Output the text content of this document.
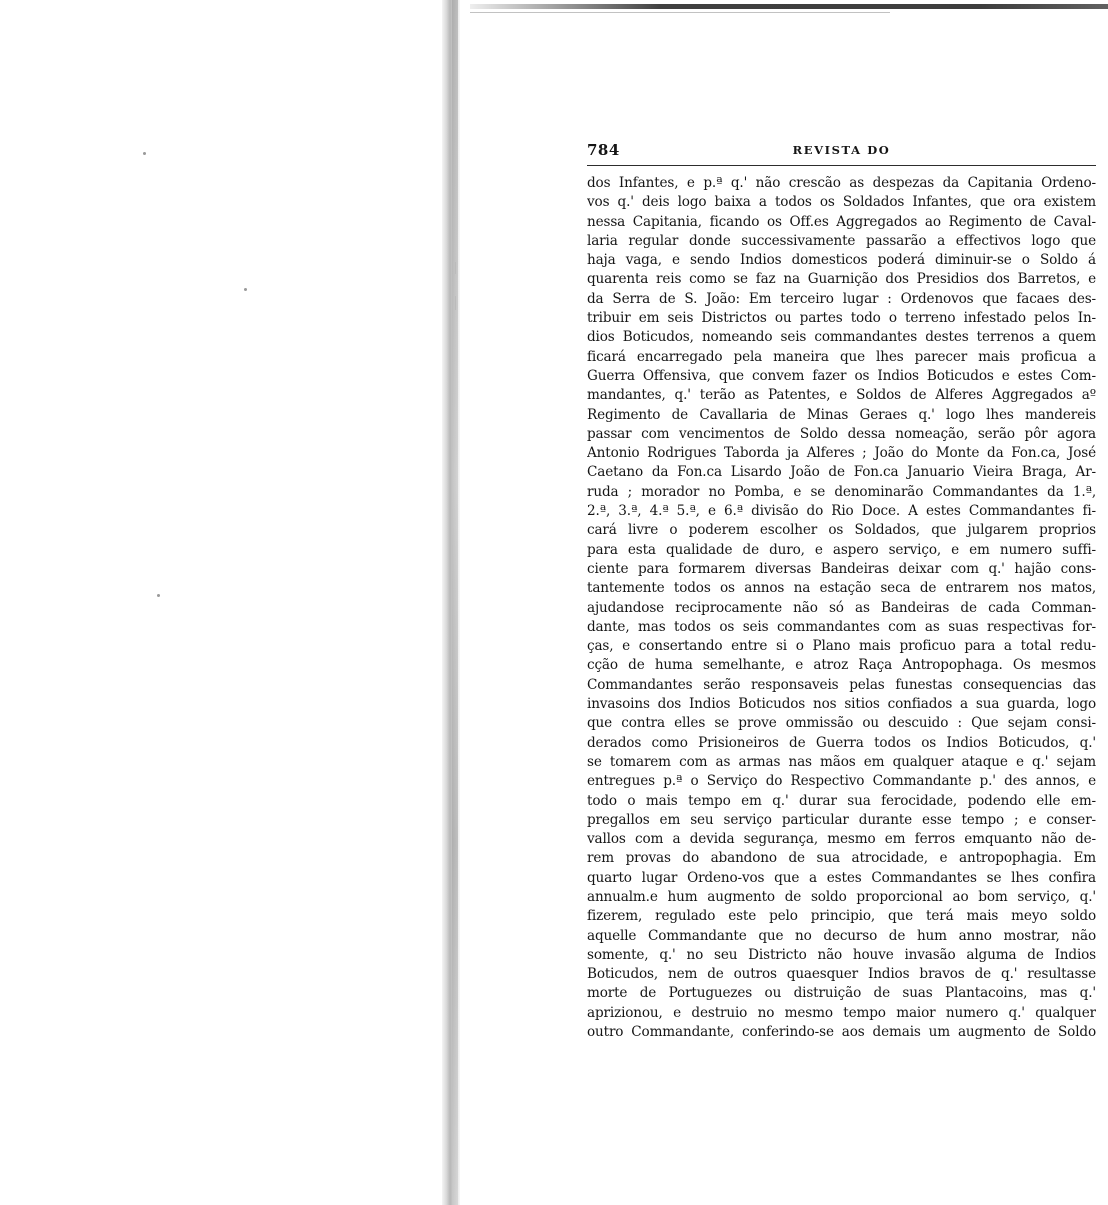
784	REVISTA DO
dos Infantes, e p.ª q.' não crescão as despezas da Capitania Ordeno-
vos q.' deis logo baixa a todos os Soldados Infantes, que ora existem
nessa Capitania, ficando os Off.es Aggregados ao Regimento de Caval-
laria regular donde successivamente passarão a effectivos logo que
haja vaga, e sendo Indios domesticos poderá diminuir-se o Soldo á
quarenta reis como se faz na Guarnição dos Presidios dos Barretos, e
da Serra de S. João: Em terceiro lugar : Ordenovos que facaes des-
tribuir em seis Districtos ou partes todo o terreno infestado pelos In-
dios Boticudos, nomeando seis commandantes destes terrenos a quem
ficará encarregado pela maneira que lhes parecer mais proficua a
Guerra Offensiva, que convem fazer os Indios Boticudos e estes Com-
mandantes, q.' terão as Patentes, e Soldos de Alferes Aggregados aº
Regimento de Cavallaria de Minas Geraes q.' logo lhes mandereis
passar com vencimentos de Soldo dessa nomeação, serão pôr agora
Antonio Rodrigues Taborda ja Alferes ; João do Monte da Fon.ca, José
Caetano da Fon.ca Lisardo João de Fon.ca Januario Vieira Braga, Ar-
ruda ; morador no Pomba, e se denominarão Commandantes da 1.ª,
2.ª, 3.ª, 4.ª 5.ª, e 6.ª divisão do Rio Doce. A estes Commandantes fi-
cará livre o poderem escolher os Soldados, que julgarem proprios
para esta qualidade de duro, e aspero serviço, e em numero suffi-
ciente para formarem diversas Bandeiras deixar com q.' hajão cons-
tantemente todos os annos na estação seca de entrarem nos matos,
ajudandose reciprocamente não só as Bandeiras de cada Comman-
dante, mas todos os seis commandantes com as suas respectivas for-
ças, e consertando entre si o Plano mais proficuo para a total redu-
cção de huma semelhante, e atroz Raça Antropophaga. Os mesmos
Commandantes serão responsaveis pelas funestas consequencias das
invasoins dos Indios Boticudos nos sitios confiados a sua guarda, logo
que contra elles se prove ommissão ou descuido : Que sejam consi-
derados como Prisioneiros de Guerra todos os Indios Boticudos, q.'
se tomarem com as armas nas mãos em qualquer ataque e q.' sejam
entregues p.ª o Serviço do Respectivo Commandante p.' des annos, e
todo o mais tempo em q.' durar sua ferocidade, podendo elle em-
pregallos em seu serviço particular durante esse tempo ; e conser-
vallos com a devida segurança, mesmo em ferros emquanto não de-
rem provas do abandono de sua atrocidade, e antropophagia. Em
quarto lugar Ordeno-vos que a estes Commandantes se lhes confira
annualm.e hum augmento de soldo proporcional ao bom serviço, q.'
fizerem, regulado este pelo principio, que terá mais meyo soldo
aquelle Commandante que no decurso de hum anno mostrar, não
somente, q.' no seu Districto não houve invasão alguma de Indios
Boticudos, nem de outros quaesquer Indios bravos de q.' resultasse
morte de Portuguezes ou distruição de suas Plantacoins, mas q.'
aprizionou, e destruio no mesmo tempo maior numero q.' qualquer
outro Commandante, conferindo-se aos demais um augmento de Soldo
